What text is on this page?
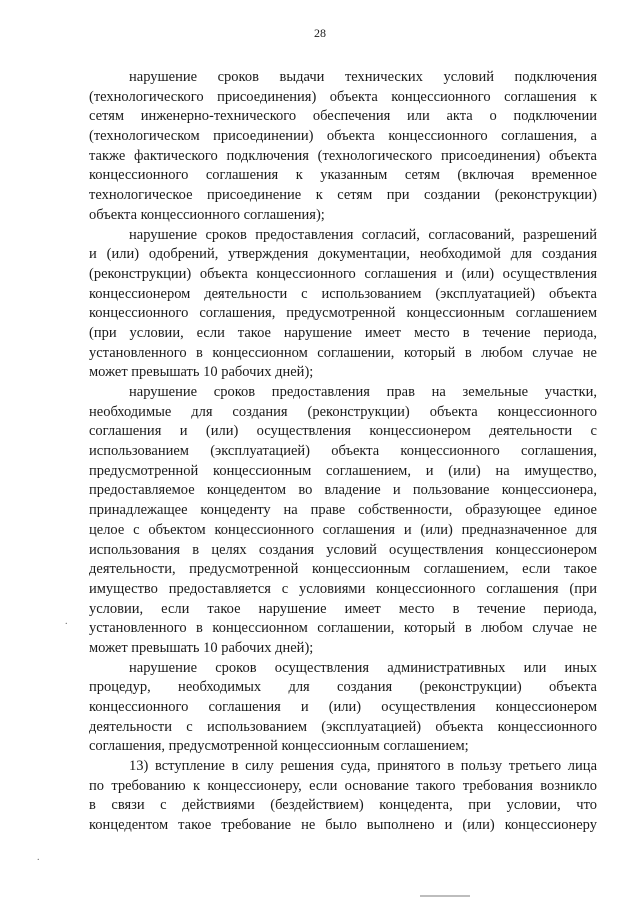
28
нарушение сроков выдачи технических условий подключения
(технологического присоединения) объекта концессионного соглашения к
сетям инженерно-технического обеспечения или акта о подключении
(технологическом присоединении) объекта концессионного соглашения, а
также фактического подключения (технологического присоединения) объекта
концессионного соглашения к указанным сетям (включая временное
технологическое присоединение к сетям при создании (реконструкции)
объекта концессионного соглашения);
нарушение сроков предоставления согласий, согласований, разрешений
и (или) одобрений, утверждения документации, необходимой для создания
(реконструкции) объекта концессионного соглашения и (или) осуществления
концессионером деятельности с использованием (эксплуатацией) объекта
концессионного соглашения, предусмотренной концессионным соглашением
(при условии, если такое нарушение имеет место в течение периода,
установленного в концессионном соглашении, который в любом случае не
может превышать 10 рабочих дней);
нарушение сроков предоставления прав на земельные участки,
необходимые для создания (реконструкции) объекта концессионного
соглашения и (или) осуществления концессионером деятельности с
использованием (эксплуатацией) объекта концессионного соглашения,
предусмотренной концессионным соглашением, и (или) на имущество,
предоставляемое концедентом во владение и пользование концессионера,
принадлежащее концеденту на праве собственности, образующее единое
целое с объектом концессионного соглашения и (или) предназначенное для
использования в целях создания условий осуществления концессионером
деятельности, предусмотренной концессионным соглашением, если такое
имущество предоставляется с условиями концессионного соглашения (при
условии, если такое нарушение имеет место в течение периода,
установленного в концессионном соглашении, который в любом случае не
может превышать 10 рабочих дней);
нарушение сроков осуществления административных или иных
процедур, необходимых для создания (реконструкции) объекта
концессионного соглашения и (или) осуществления концессионером
деятельности с использованием (эксплуатацией) объекта концессионного
соглашения, предусмотренной концессионным соглашением;
13) вступление в силу решения суда, принятого в пользу третьего лица
по требованию к концессионеру, если основание такого требования возникло
в связи с действиями (бездействием) концедента, при условии, что
концедентом такое требование не было выполнено и (или) концессионеру
.
.
